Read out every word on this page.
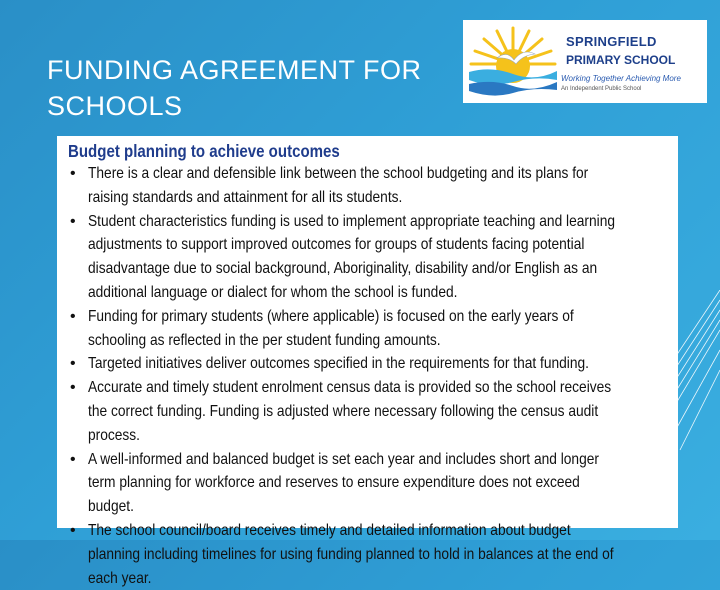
FUNDING AGREEMENT FOR
SCHOOLS
SPRINGFIELD
PRIMARY SCHOOL
Working Together Achieving More
An Independent Public School
Budget planning to achieve outcomes
• There is a clear and defensible link between the school budgeting and its plans for raising standards and attainment for all its students.
• Student characteristics funding is used to implement appropriate teaching and learning adjustments to support improved outcomes for groups of students facing potential disadvantage due to social background, Aboriginality, disability and/or English as an additional language or dialect for whom the school is funded.
• Funding for primary students (where applicable) is focused on the early years of schooling as reflected in the per student funding amounts.
• Targeted initiatives deliver outcomes specified in the requirements for that funding.
• Accurate and timely student enrolment census data is provided so the school receives the correct funding. Funding is adjusted where necessary following the census audit process.
• A well-informed and balanced budget is set each year and includes short and longer term planning for workforce and reserves to ensure expenditure does not exceed budget.
• The school council/board receives timely and detailed information about budget planning including timelines for using funding planned to hold in balances at the end of each year.
